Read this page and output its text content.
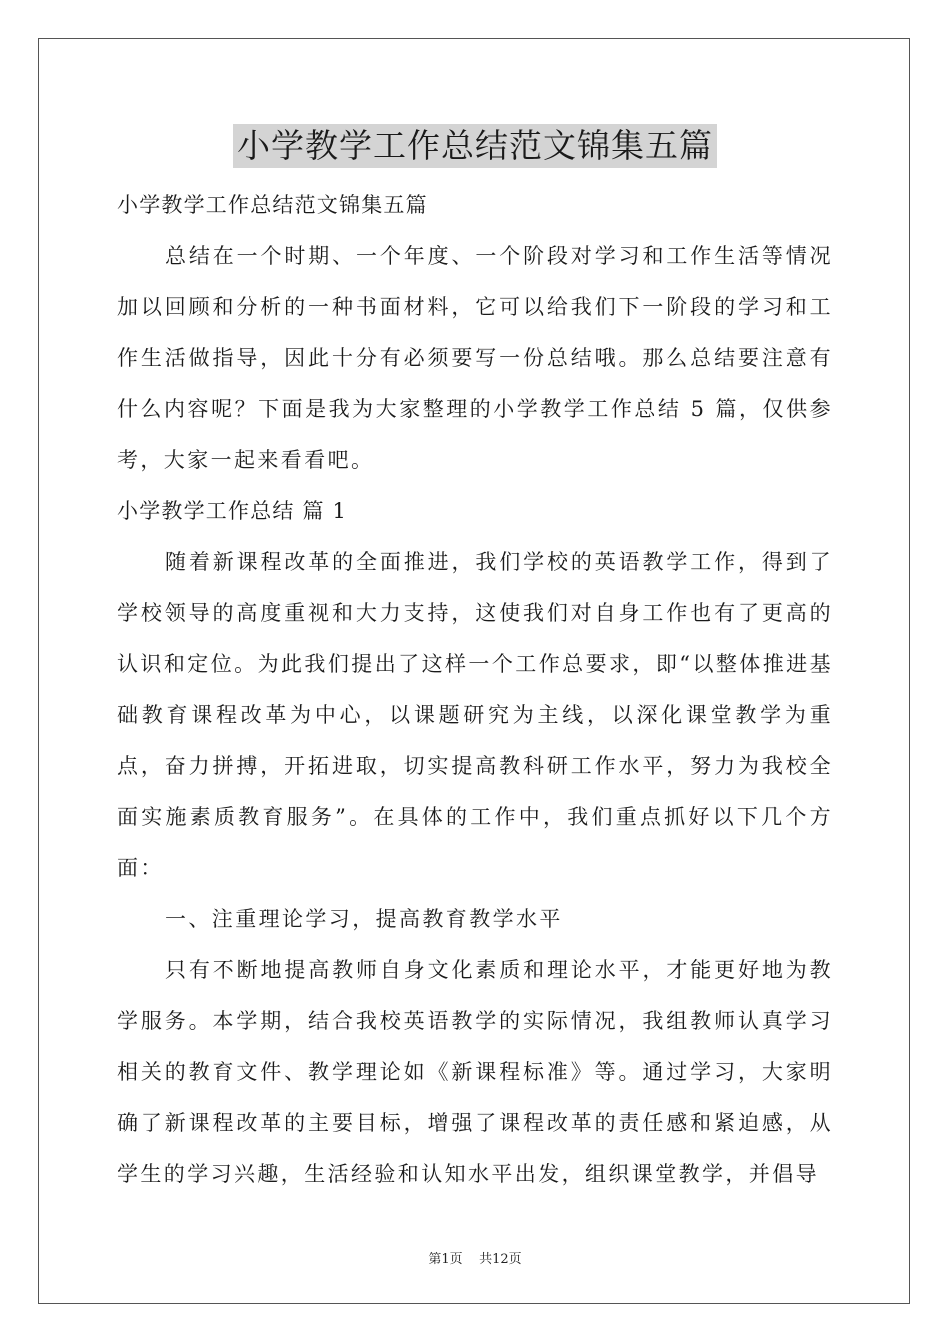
小学教学工作总结范文锦集五篇

小学教学工作总结范文锦集五篇

总结在一个时期、一个年度、一个阶段对学习和工作生活等情况加以回顾和分析的一种书面材料，它可以给我们下一阶段的学习和工作生活做指导，因此十分有必须要写一份总结哦。那么总结要注意有什么内容呢？下面是我为大家整理的小学教学工作总结 5 篇，仅供参考，大家一起来看看吧。

小学教学工作总结 篇 1

随着新课程改革的全面推进，我们学校的英语教学工作，得到了学校领导的高度重视和大力支持，这使我们对自身工作也有了更高的认识和定位。为此我们提出了这样一个工作总要求，即“以整体推进基础教育课程改革为中心，以课题研究为主线，以深化课堂教学为重点，奋力拼搏，开拓进取，切实提高教科研工作水平，努力为我校全面实施素质教育服务”。在具体的工作中，我们重点抓好以下几个方面：

一、注重理论学习，提高教育教学水平

只有不断地提高教师自身文化素质和理论水平，才能更好地为教学服务。本学期，结合我校英语教学的实际情况，我组教师认真学习相关的教育文件、教学理论如《新课程标准》等。通过学习，大家明确了新课程改革的主要目标，增强了课程改革的责任感和紧迫感，从学生的学习兴趣，生活经验和认知水平出发，组织课堂教学，并倡导

第1页    共12页
